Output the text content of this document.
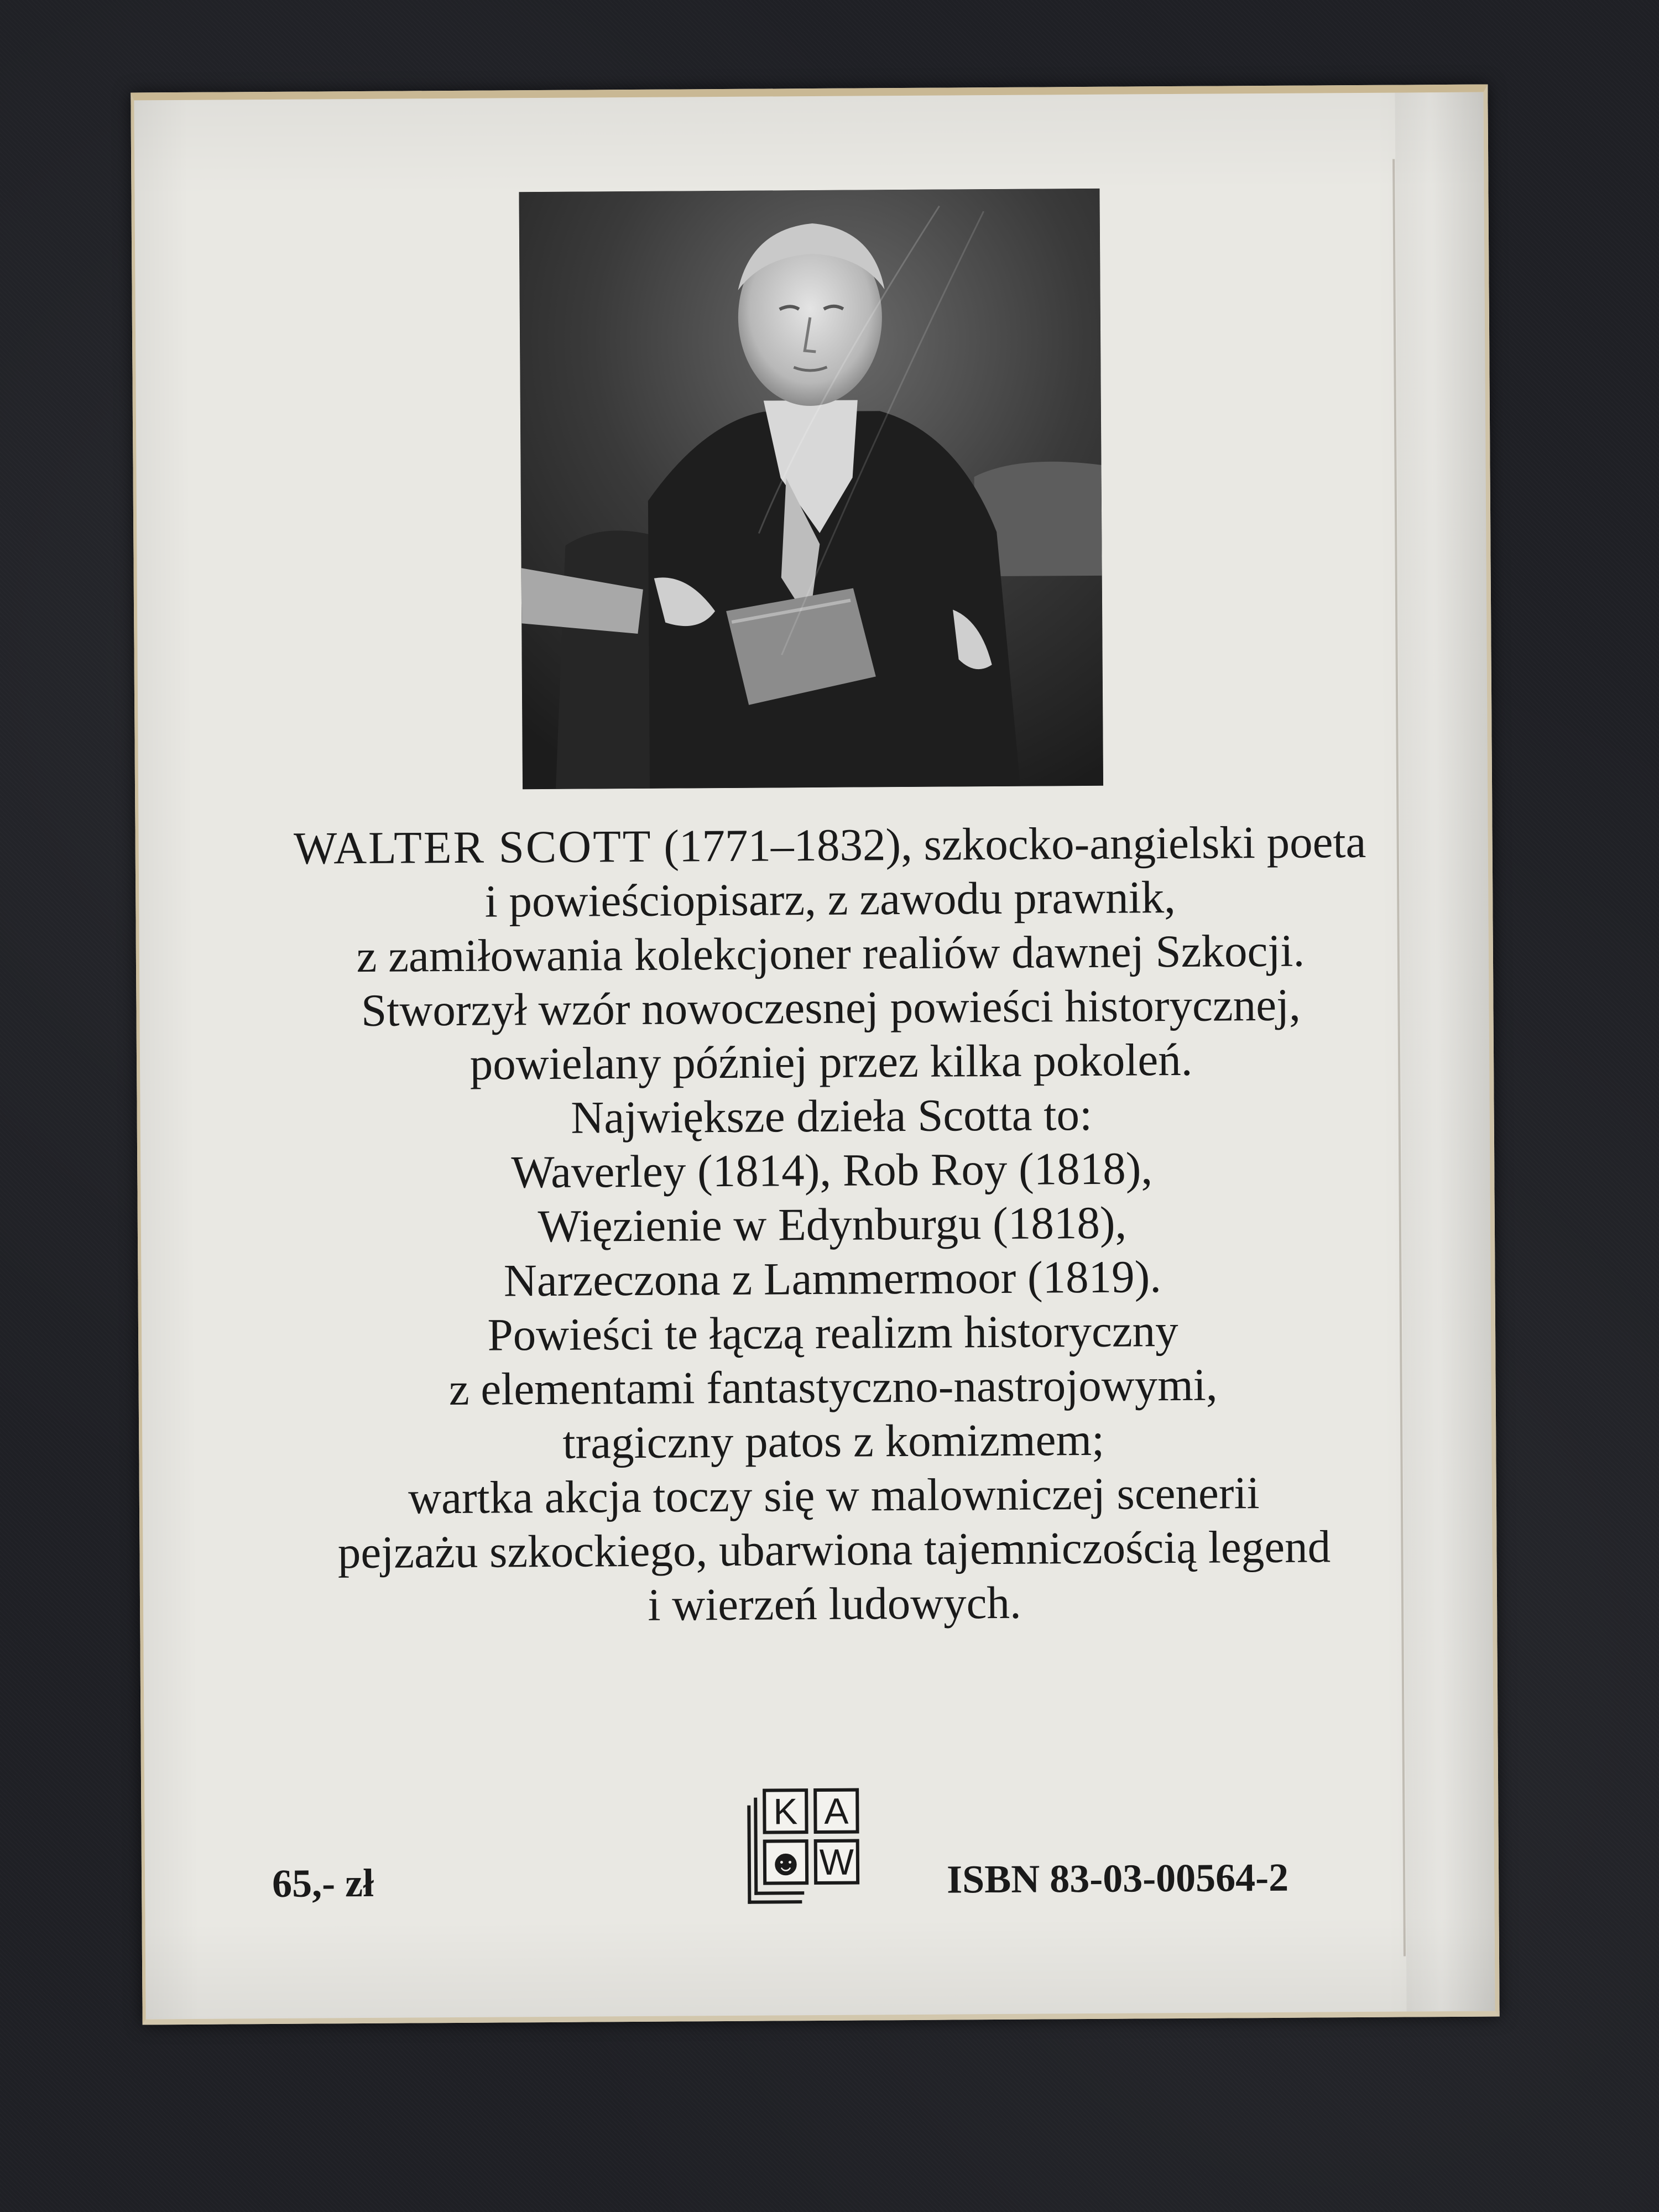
WALTER SCOTT (1771–1832), szkocko-angielski poeta
i powieściopisarz, z zawodu prawnik,
z zamiłowania kolekcjoner realiów dawnej Szkocji.
Stworzył wzór nowoczesnej powieści historycznej,
powielany później przez kilka pokoleń.
Największe dzieła Scotta to:
Waverley (1814), Rob Roy (1818),
Więzienie w Edynburgu (1818),
Narzeczona z Lammermoor (1819).
Powieści te łączą realizm historyczny
z elementami fantastyczno-nastrojowymi,
tragiczny patos z komizmem;
wartka akcja toczy się w malowniczej scenerii
pejzażu szkockiego, ubarwiona tajemniczością legend
i wierzeń ludowych.
65,- zł
K A
☻ W ISBN 83-03-00564-2
